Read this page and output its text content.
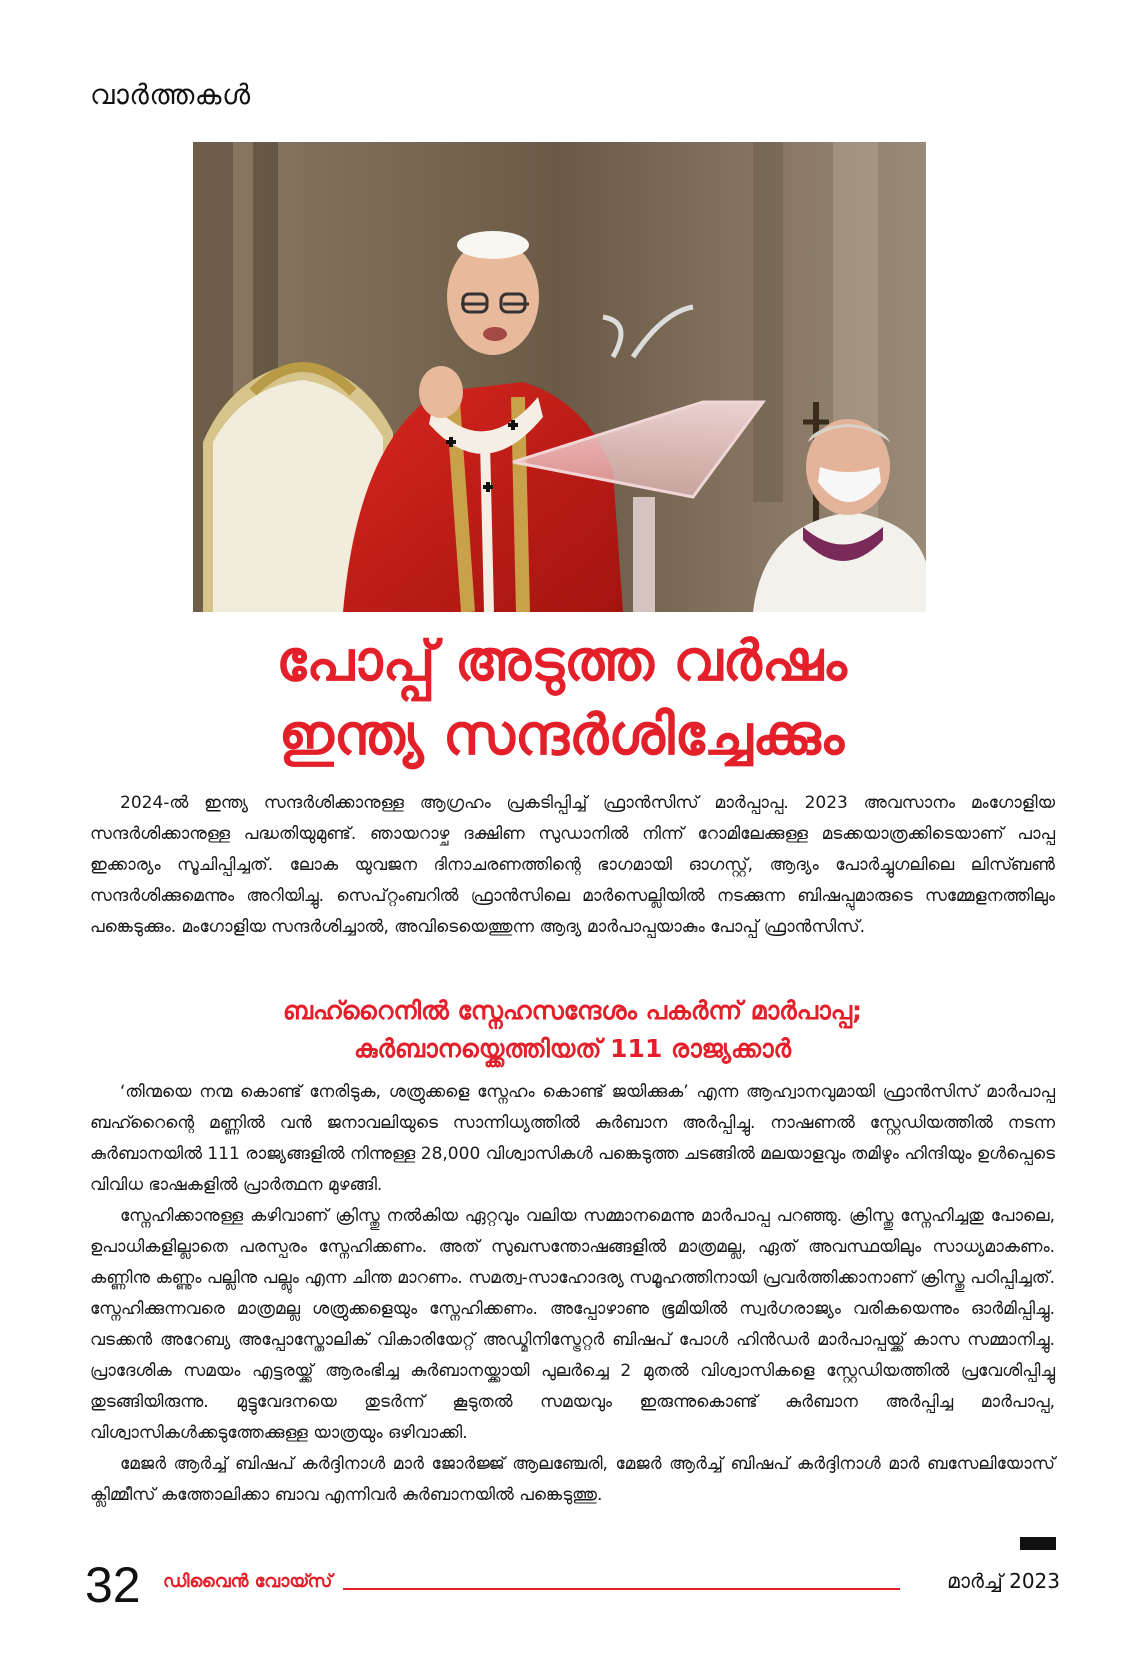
വാർത്തകൾ
പോപ്പ് അടുത്ത വർഷം
ഇന്ത്യ സന്ദർശിച്ചേക്കും

2024-ൽ ഇന്ത്യ സന്ദർശിക്കാനുള്ള ആഗ്രഹം പ്രകടിപ്പിച്ച് ഫ്രാൻസിസ് മാർപ്പാപ്പ. 2023 അവസാനം മംഗോളിയ സന്ദർശിക്കാനുള്ള പദ്ധതിയുമുണ്ട്. ഞായറാഴ്ച ദക്ഷിണ സുഡാനിൽ നിന്ന് റോമിലേക്കുള്ള മടക്കയാത്രക്കിടെയാണ് പാപ്പ ഇക്കാര്യം സൂചിപ്പിച്ചത്. ലോക യുവജന ദിനാചരണത്തിന്റെ ഭാഗമായി ഓഗസ്റ്റ്, ആദ്യം പോർച്ചുഗലിലെ ലിസ്ബൺ സന്ദർശിക്കുമെന്നും അറിയിച്ചു. സെപ്റ്റംബറിൽ ഫ്രാൻസിലെ മാർസെല്ലിയിൽ നടക്കുന്ന ബിഷപ്പുമാരുടെ സമ്മേളനത്തിലും പങ്കെടുക്കും. മംഗോളിയ സന്ദർശിച്ചാൽ, അവിടെയെത്തുന്ന ആദ്യ മാർപാപ്പയാകും പോപ്പ് ഫ്രാൻസിസ്.

ബഹ്റൈനിൽ സ്നേഹസന്ദേശം പകർന്ന് മാർപാപ്പ;
കുർബാനയ്ക്കെത്തിയത് 111 രാജ്യക്കാർ

‘തിന്മയെ നന്മ കൊണ്ട് നേരിടുക, ശത്രുക്കളെ സ്നേഹം കൊണ്ട് ജയിക്കുക’ എന്ന ആഹ്വാനവുമായി ഫ്രാൻസിസ് മാർപാപ്പ ബഹ്റൈന്റെ മണ്ണിൽ വൻ ജനാവലിയുടെ സാന്നിധ്യത്തിൽ കുർബാന അർപ്പിച്ചു. നാഷണൽ സ്റ്റേഡിയത്തിൽ നടന്ന കുർബാനയിൽ 111 രാജ്യങ്ങളിൽ നിന്നുള്ള 28,000 വിശ്വാസികൾ പങ്കെടുത്ത ചടങ്ങിൽ മലയാളവും തമിഴും ഹിന്ദിയും ഉൾപ്പെടെ വിവിധ ഭാഷകളിൽ പ്രാർത്ഥന മുഴങ്ങി.

സ്നേഹിക്കാനുള്ള കഴിവാണ് ക്രിസ്തു നൽകിയ ഏറ്റവും വലിയ സമ്മാനമെന്നു മാർപാപ്പ പറഞ്ഞു. ക്രിസ്തു സ്നേഹിച്ചതു പോലെ, ഉപാധികളില്ലാതെ പരസ്പരം സ്നേഹിക്കണം. അത് സുഖസന്തോഷങ്ങളിൽ മാത്രമല്ല, ഏത് അവസ്ഥയിലും സാധ്യമാകണം. കണ്ണിനു കണ്ണും പല്ലിനു പല്ലും എന്ന ചിന്ത മാറണം. സമത്വ-സാഹോദര്യ സമൂഹത്തിനായി പ്രവർത്തിക്കാനാണ് ക്രിസ്തു പഠിപ്പിച്ചത്. സ്നേഹിക്കുന്നവരെ മാത്രമല്ല ശത്രുക്കളെയും സ്നേഹിക്കണം. അപ്പോഴാണു ഭൂമിയിൽ സ്വർഗരാജ്യം വരികയെന്നും ഓർമിപ്പിച്ചു. വടക്കൻ അറേബ്യ അപ്പോസ്തോലിക് വികാരിയേറ്റ് അഡ്മിനിസ്ട്രേറ്റർ ബിഷപ് പോൾ ഹിൻഡർ മാർപാപ്പയ്ക്ക് കാസ സമ്മാനിച്ചു. പ്രാദേശിക സമയം എട്ടരയ്ക്ക് ആരംഭിച്ച കുർബാനയ്ക്കായി പുലർച്ചെ 2 മുതൽ വിശ്വാസികളെ സ്റ്റേഡിയത്തിൽ പ്രവേശിപ്പിച്ചു തുടങ്ങിയിരുന്നു. മുട്ടുവേദനയെ തുടർന്ന് കൂടുതൽ സമയവും ഇരുന്നുകൊണ്ട് കുർബാന അർപ്പിച്ച മാർപാപ്പ, വിശ്വാസികൾക്കടുത്തേക്കുള്ള യാത്രയും ഒഴിവാക്കി.

മേജർ ആർച്ച് ബിഷപ് കർദ്ദിനാൾ മാർ ജോർജ്ജ് ആലഞ്ചേരി, മേജർ ആർച്ച് ബിഷപ് കർദ്ദിനാൾ മാർ ബസേലിയോസ് ക്ലിമ്മീസ് കത്തോലിക്കാ ബാവ എന്നിവർ കുർബാനയിൽ പങ്കെടുത്തു.

32 ഡിവൈൻ വോയ്സ്	മാർച്ച് 2023
